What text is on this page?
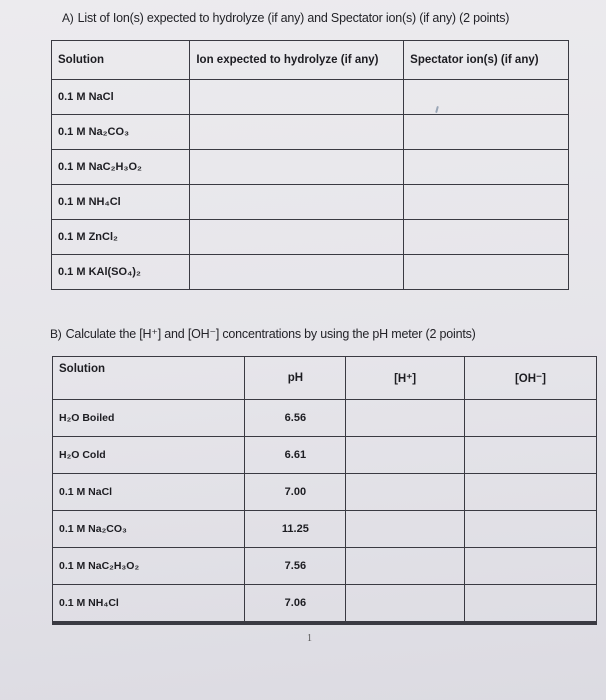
A) List of Ion(s) expected to hydrolyze (if any) and Spectator ion(s) (if any) (2 points)
Solution	Ion expected to hydrolyze (if any)	Spectator ion(s) (if any)
0.1 M NaCl		
0.1 M Na₂CO₃		
0.1 M NaC₂H₃O₂		
0.1 M NH₄Cl		
0.1 M ZnCl₂		
0.1 M KAl(SO₄)₂		
B) Calculate the [H⁺] and [OH⁻] concentrations by using the pH meter (2 points)
Solution	pH	[H⁺]	[OH⁻]
H₂O Boiled	6.56		
H₂O Cold	6.61		
0.1 M NaCl	7.00		
0.1 M Na₂CO₃	11.25		
0.1 M NaC₂H₃O₂	7.56		
0.1 M NH₄Cl	7.06		
1
